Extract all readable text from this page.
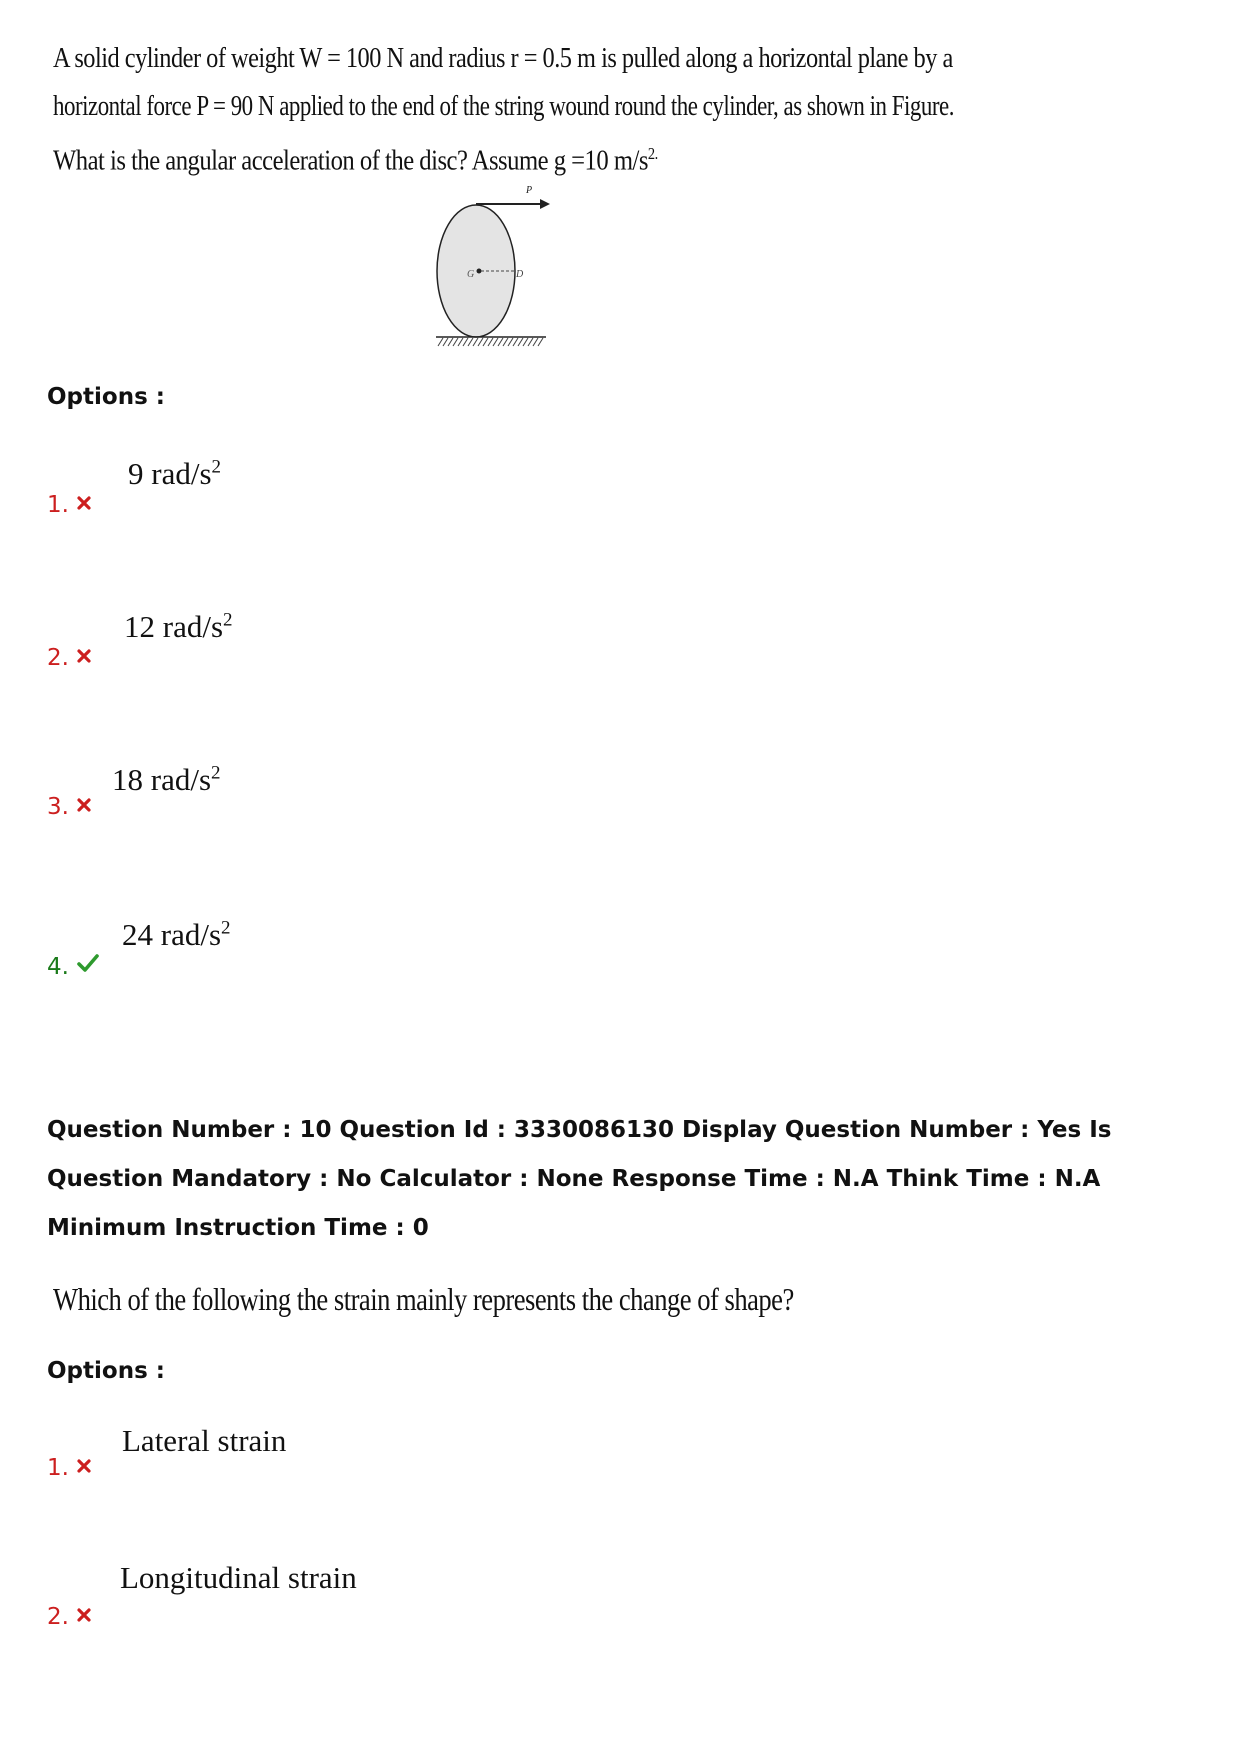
A solid cylinder of weight W = 100 N and radius r = 0.5 m is pulled along a horizontal plane by a
horizontal force P = 90 N applied to the end of the string wound round the cylinder, as shown in Figure.
What is the angular acceleration of the disc? Assume g =10 $m/s^{2.}$
P
G	D
Options :
9 rad/$s^2$
1.
12 rad/$s^2$
2.
18 rad/$s^2$
3.
24 rad/$s^2$
4.
Question Number : 10 Question Id : 3330086130 Display Question Number : Yes Is Question Mandatory : No Calculator : None Response Time : N.A Think Time : N.A Minimum Instruction Time : 0
Which of the following the strain mainly represents the change of shape?
Options :
Lateral strain
1.
Longitudinal strain
2.
